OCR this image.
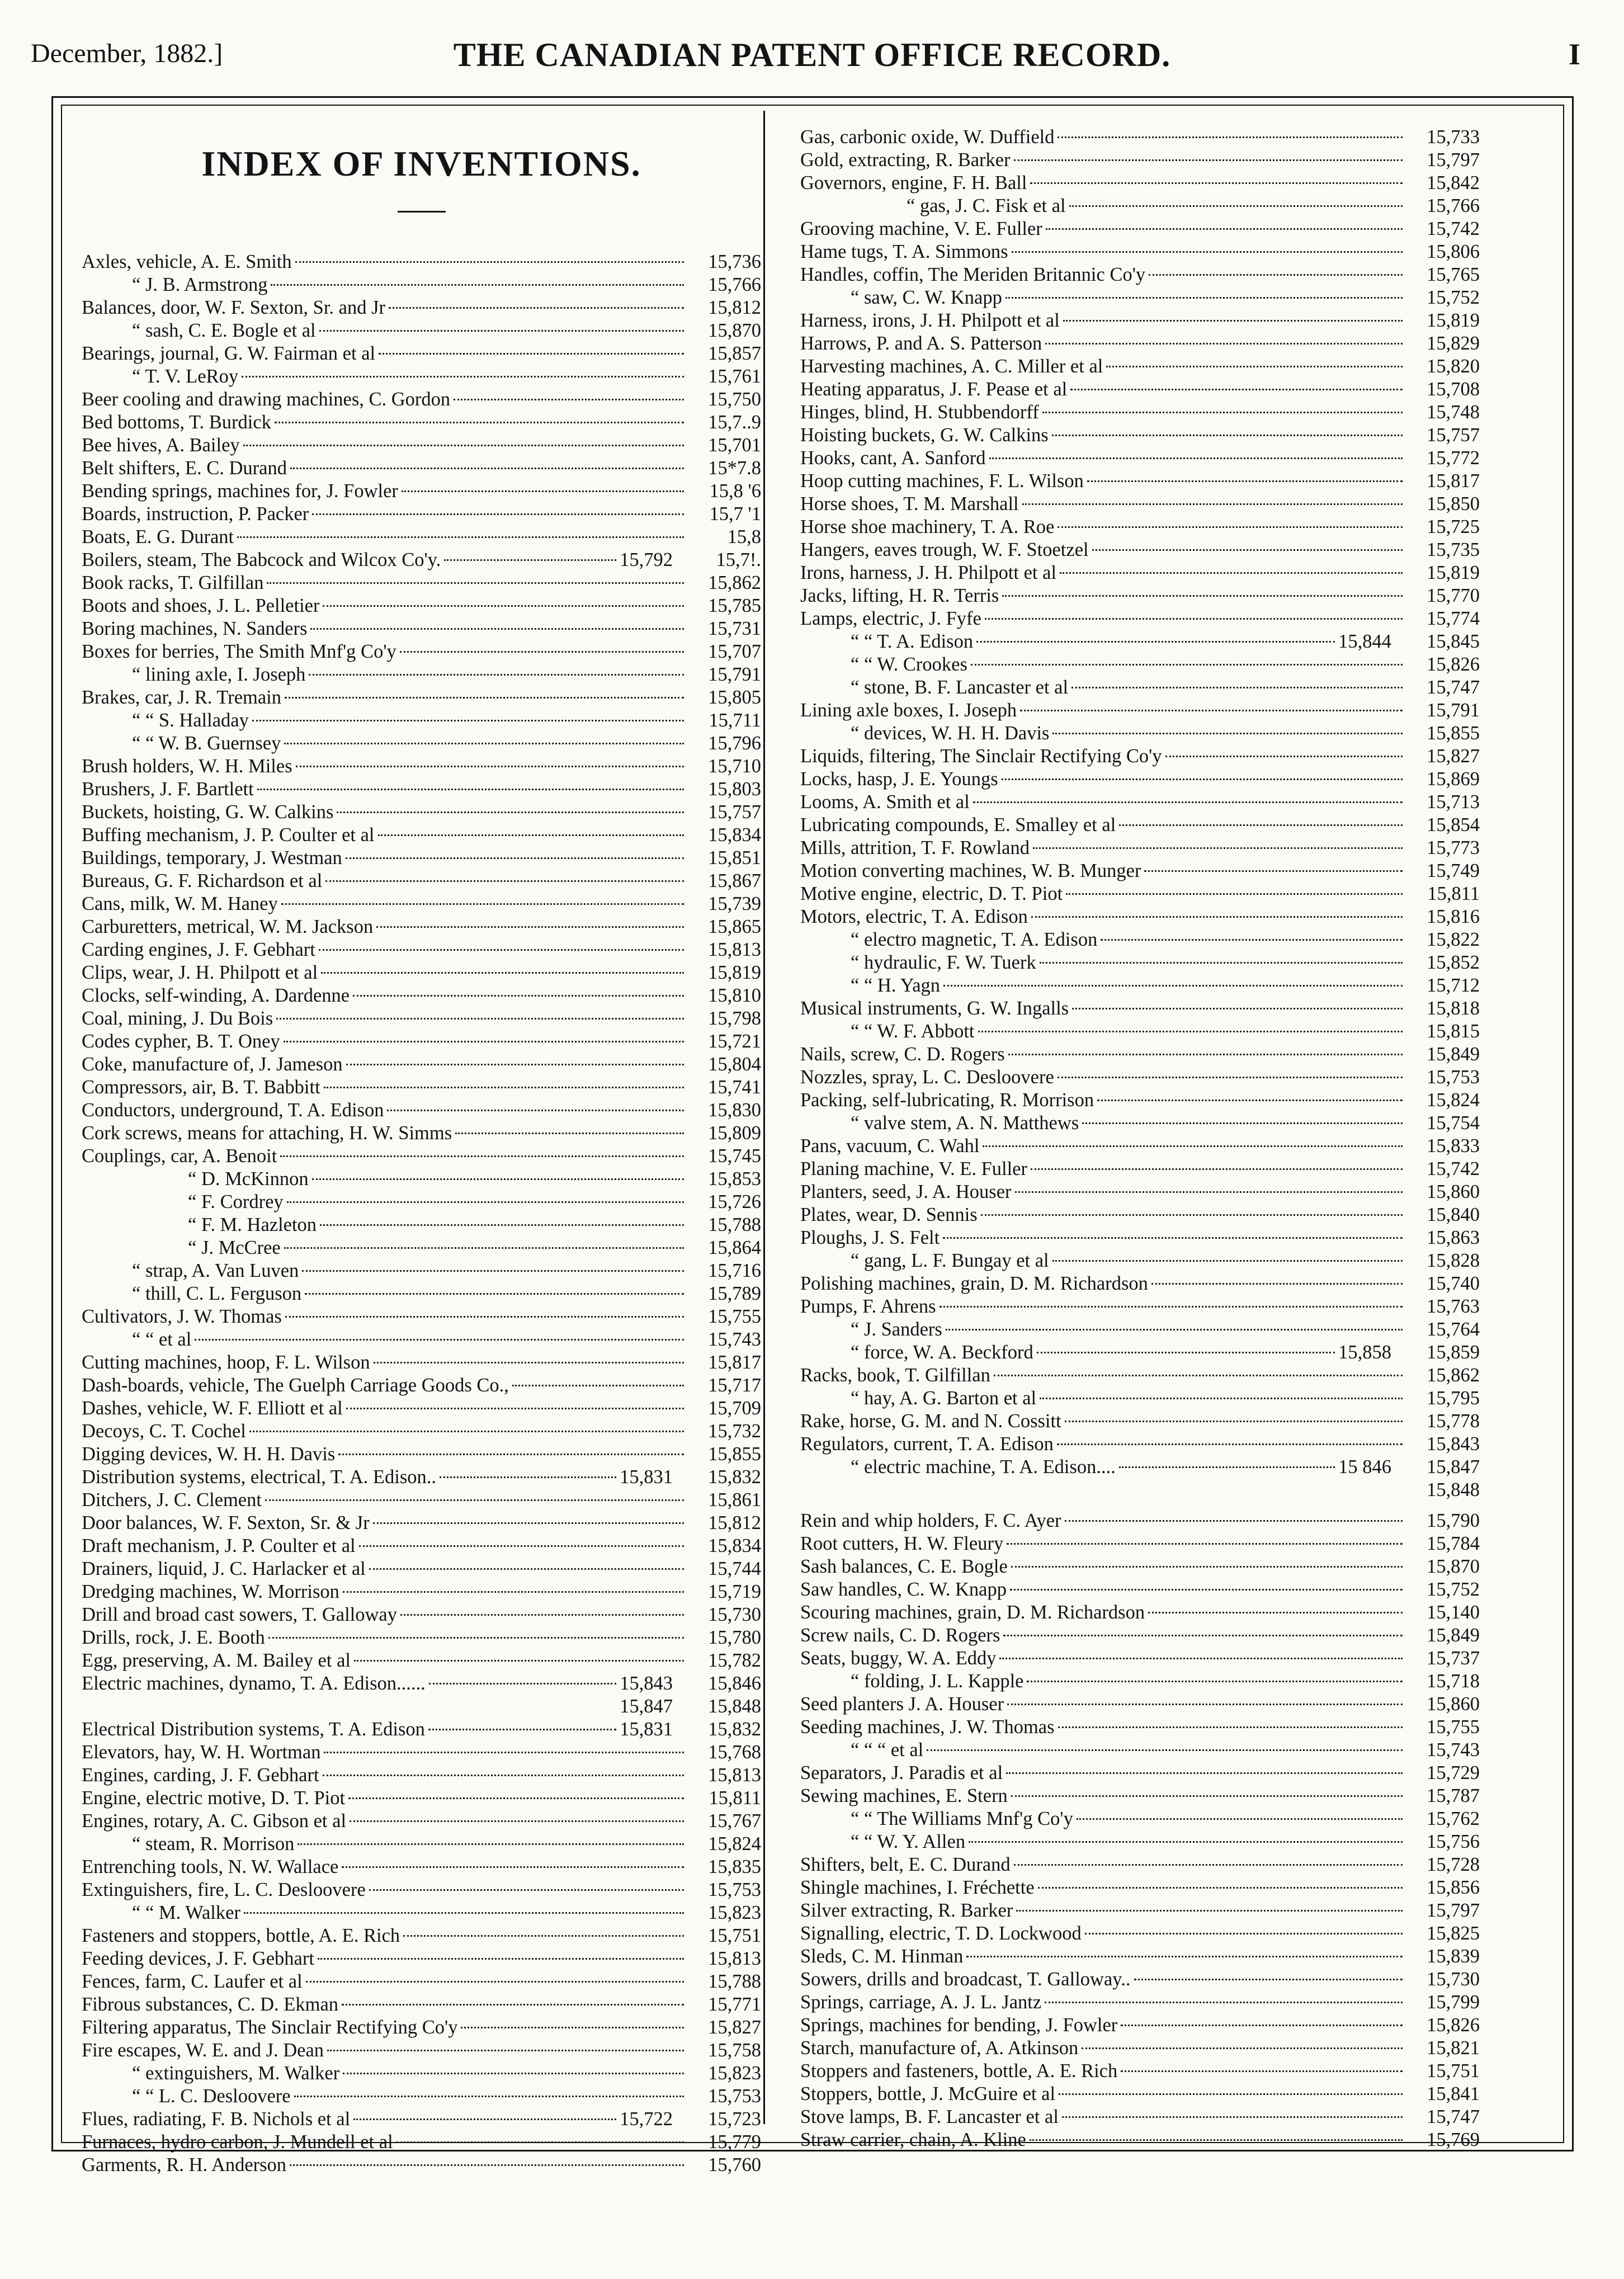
December, 1882.]	THE CANADIAN PATENT OFFICE RECORD.	I
INDEX OF INVENTIONS.
Axles, vehicle, A. E. Smith	15,736
“ J. B. Armstrong	15,766
Balances, door, W. F. Sexton, Sr. and Jr	15,812
“ sash, C. E. Bogle et al	15,870
Bearings, journal, G. W. Fairman et al	15,857
“ T. V. LeRoy	15,761
Beer cooling and drawing machines, C. Gordon	15,750
Bed bottoms, T. Burdick	15,7..9
Bee hives, A. Bailey	15,701
Belt shifters, E. C. Durand	15*7.8
Bending springs, machines for, J. Fowler	15,8 '6
Boards, instruction, P. Packer	15,7 '1
Boats, E. G. Durant	15,8
Boilers, steam, The Babcock and Wilcox Co'y.	15,792	15,7!.
Book racks, T. Gilfillan	15,862
Boots and shoes, J. L. Pelletier	15,785
Boring machines, N. Sanders	15,731
Boxes for berries, The Smith Mnf'g Co'y	15,707
“ lining axle, I. Joseph	15,791
Brakes, car, J. R. Tremain	15,805
“ “ S. Halladay	15,711
“ “ W. B. Guernsey	15,796
Brush holders, W. H. Miles	15,710
Brushers, J. F. Bartlett	15,803
Buckets, hoisting, G. W. Calkins	15,757
Buffing mechanism, J. P. Coulter et al	15,834
Buildings, temporary, J. Westman	15,851
Bureaus, G. F. Richardson et al	15,867
Cans, milk, W. M. Haney	15,739
Carburetters, metrical, W. M. Jackson	15,865
Carding engines, J. F. Gebhart	15,813
Clips, wear, J. H. Philpott et al	15,819
Clocks, self-winding, A. Dardenne	15,810
Coal, mining, J. Du Bois	15,798
Codes cypher, B. T. Oney	15,721
Coke, manufacture of, J. Jameson	15,804
Compressors, air, B. T. Babbitt	15,741
Conductors, underground, T. A. Edison	15,830
Cork screws, means for attaching, H. W. Simms	15,809
Couplings, car, A. Benoit	15,745
“ D. McKinnon	15,853
“ F. Cordrey	15,726
“ F. M. Hazleton	15,788
“ J. McCree	15,864
“ strap, A. Van Luven	15,716
“ thill, C. L. Ferguson	15,789
Cultivators, J. W. Thomas	15,755
“ “ et al	15,743
Cutting machines, hoop, F. L. Wilson	15,817
Dash-boards, vehicle, The Guelph Carriage Goods Co.,	15,717
Dashes, vehicle, W. F. Elliott et al	15,709
Decoys, C. T. Cochel	15,732
Digging devices, W. H. H. Davis	15,855
Distribution systems, electrical, T. A. Edison..	15,831	15,832
Ditchers, J. C. Clement	15,861
Door balances, W. F. Sexton, Sr. & Jr	15,812
Draft mechanism, J. P. Coulter et al	15,834
Drainers, liquid, J. C. Harlacker et al	15,744
Dredging machines, W. Morrison	15,719
Drill and broad cast sowers, T. Galloway	15,730
Drills, rock, J. E. Booth	15,780
Egg, preserving, A. M. Bailey et al	15,782
Electric machines, dynamo, T. A. Edison......	15,843	15,846
15,847	15,848
Electrical Distribution systems, T. A. Edison	15,831	15,832
Elevators, hay, W. H. Wortman	15,768
Engines, carding, J. F. Gebhart	15,813
Engine, electric motive, D. T. Piot	15,811
Engines, rotary, A. C. Gibson et al	15,767
“ steam, R. Morrison	15,824
Entrenching tools, N. W. Wallace	15,835
Extinguishers, fire, L. C. Desloovere	15,753
“ “ M. Walker	15,823
Fasteners and stoppers, bottle, A. E. Rich	15,751
Feeding devices, J. F. Gebhart	15,813
Fences, farm, C. Laufer et al	15,788
Fibrous substances, C. D. Ekman	15,771
Filtering apparatus, The Sinclair Rectifying Co'y	15,827
Fire escapes, W. E. and J. Dean	15,758
“ extinguishers, M. Walker	15,823
“ “ L. C. Desloovere	15,753
Flues, radiating, F. B. Nichols et al	15,722	15,723
Furnaces, hydro carbon, J. Mundell et al	15,779
Garments, R. H. Anderson	15,760
Gas, carbonic oxide, W. Duffield	15,733
Gold, extracting, R. Barker	15,797
Governors, engine, F. H. Ball	15,842
“ gas, J. C. Fisk et al	15,766
Grooving machine, V. E. Fuller	15,742
Hame tugs, T. A. Simmons	15,806
Handles, coffin, The Meriden Britannic Co'y	15,765
“ saw, C. W. Knapp	15,752
Harness, irons, J. H. Philpott et al	15,819
Harrows, P. and A. S. Patterson	15,829
Harvesting machines, A. C. Miller et al	15,820
Heating apparatus, J. F. Pease et al	15,708
Hinges, blind, H. Stubbendorff	15,748
Hoisting buckets, G. W. Calkins	15,757
Hooks, cant, A. Sanford	15,772
Hoop cutting machines, F. L. Wilson	15,817
Horse shoes, T. M. Marshall	15,850
Horse shoe machinery, T. A. Roe	15,725
Hangers, eaves trough, W. F. Stoetzel	15,735
Irons, harness, J. H. Philpott et al	15,819
Jacks, lifting, H. R. Terris	15,770
Lamps, electric, J. Fyfe	15,774
“ “ T. A. Edison	15,844	15,845
“ “ W. Crookes	15,826
“ stone, B. F. Lancaster et al	15,747
Lining axle boxes, I. Joseph	15,791
“ devices, W. H. H. Davis	15,855
Liquids, filtering, The Sinclair Rectifying Co'y	15,827
Locks, hasp, J. E. Youngs	15,869
Looms, A. Smith et al	15,713
Lubricating compounds, E. Smalley et al	15,854
Mills, attrition, T. F. Rowland	15,773
Motion converting machines, W. B. Munger	15,749
Motive engine, electric, D. T. Piot	15,811
Motors, electric, T. A. Edison	15,816
“ electro magnetic, T. A. Edison	15,822
“ hydraulic, F. W. Tuerk	15,852
“ “ H. Yagn	15,712
Musical instruments, G. W. Ingalls	15,818
“ “ W. F. Abbott	15,815
Nails, screw, C. D. Rogers	15,849
Nozzles, spray, L. C. Desloovere	15,753
Packing, self-lubricating, R. Morrison	15,824
“ valve stem, A. N. Matthews	15,754
Pans, vacuum, C. Wahl	15,833
Planing machine, V. E. Fuller	15,742
Planters, seed, J. A. Houser	15,860
Plates, wear, D. Sennis	15,840
Ploughs, J. S. Felt	15,863
“ gang, L. F. Bungay et al	15,828
Polishing machines, grain, D. M. Richardson	15,740
Pumps, F. Ahrens	15,763
“ J. Sanders	15,764
“ force, W. A. Beckford	15,858	15,859
Racks, book, T. Gilfillan	15,862
“ hay, A. G. Barton et al	15,795
Rake, horse, G. M. and N. Cossitt	15,778
Regulators, current, T. A. Edison	15,843
“ electric machine, T. A. Edison....	15 846	15,847
15,848
Rein and whip holders, F. C. Ayer	15,790
Root cutters, H. W. Fleury	15,784
Sash balances, C. E. Bogle	15,870
Saw handles, C. W. Knapp	15,752
Scouring machines, grain, D. M. Richardson	15,140
Screw nails, C. D. Rogers	15,849
Seats, buggy, W. A. Eddy	15,737
“ folding, J. L. Kapple	15,718
Seed planters J. A. Houser	15,860
Seeding machines, J. W. Thomas	15,755
“ “ “ et al	15,743
Separators, J. Paradis et al	15,729
Sewing machines, E. Stern	15,787
“ “ The Williams Mnf'g Co'y	15,762
“ “ W. Y. Allen	15,756
Shifters, belt, E. C. Durand	15,728
Shingle machines, I. Fréchette	15,856
Silver extracting, R. Barker	15,797
Signalling, electric, T. D. Lockwood	15,825
Sleds, C. M. Hinman	15,839
Sowers, drills and broadcast, T. Galloway..	15,730
Springs, carriage, A. J. L. Jantz	15,799
Springs, machines for bending, J. Fowler	15,826
Starch, manufacture of, A. Atkinson	15,821
Stoppers and fasteners, bottle, A. E. Rich	15,751
Stoppers, bottle, J. McGuire et al	15,841
Stove lamps, B. F. Lancaster et al	15,747
Straw carrier, chain, A. Kline	15,769
